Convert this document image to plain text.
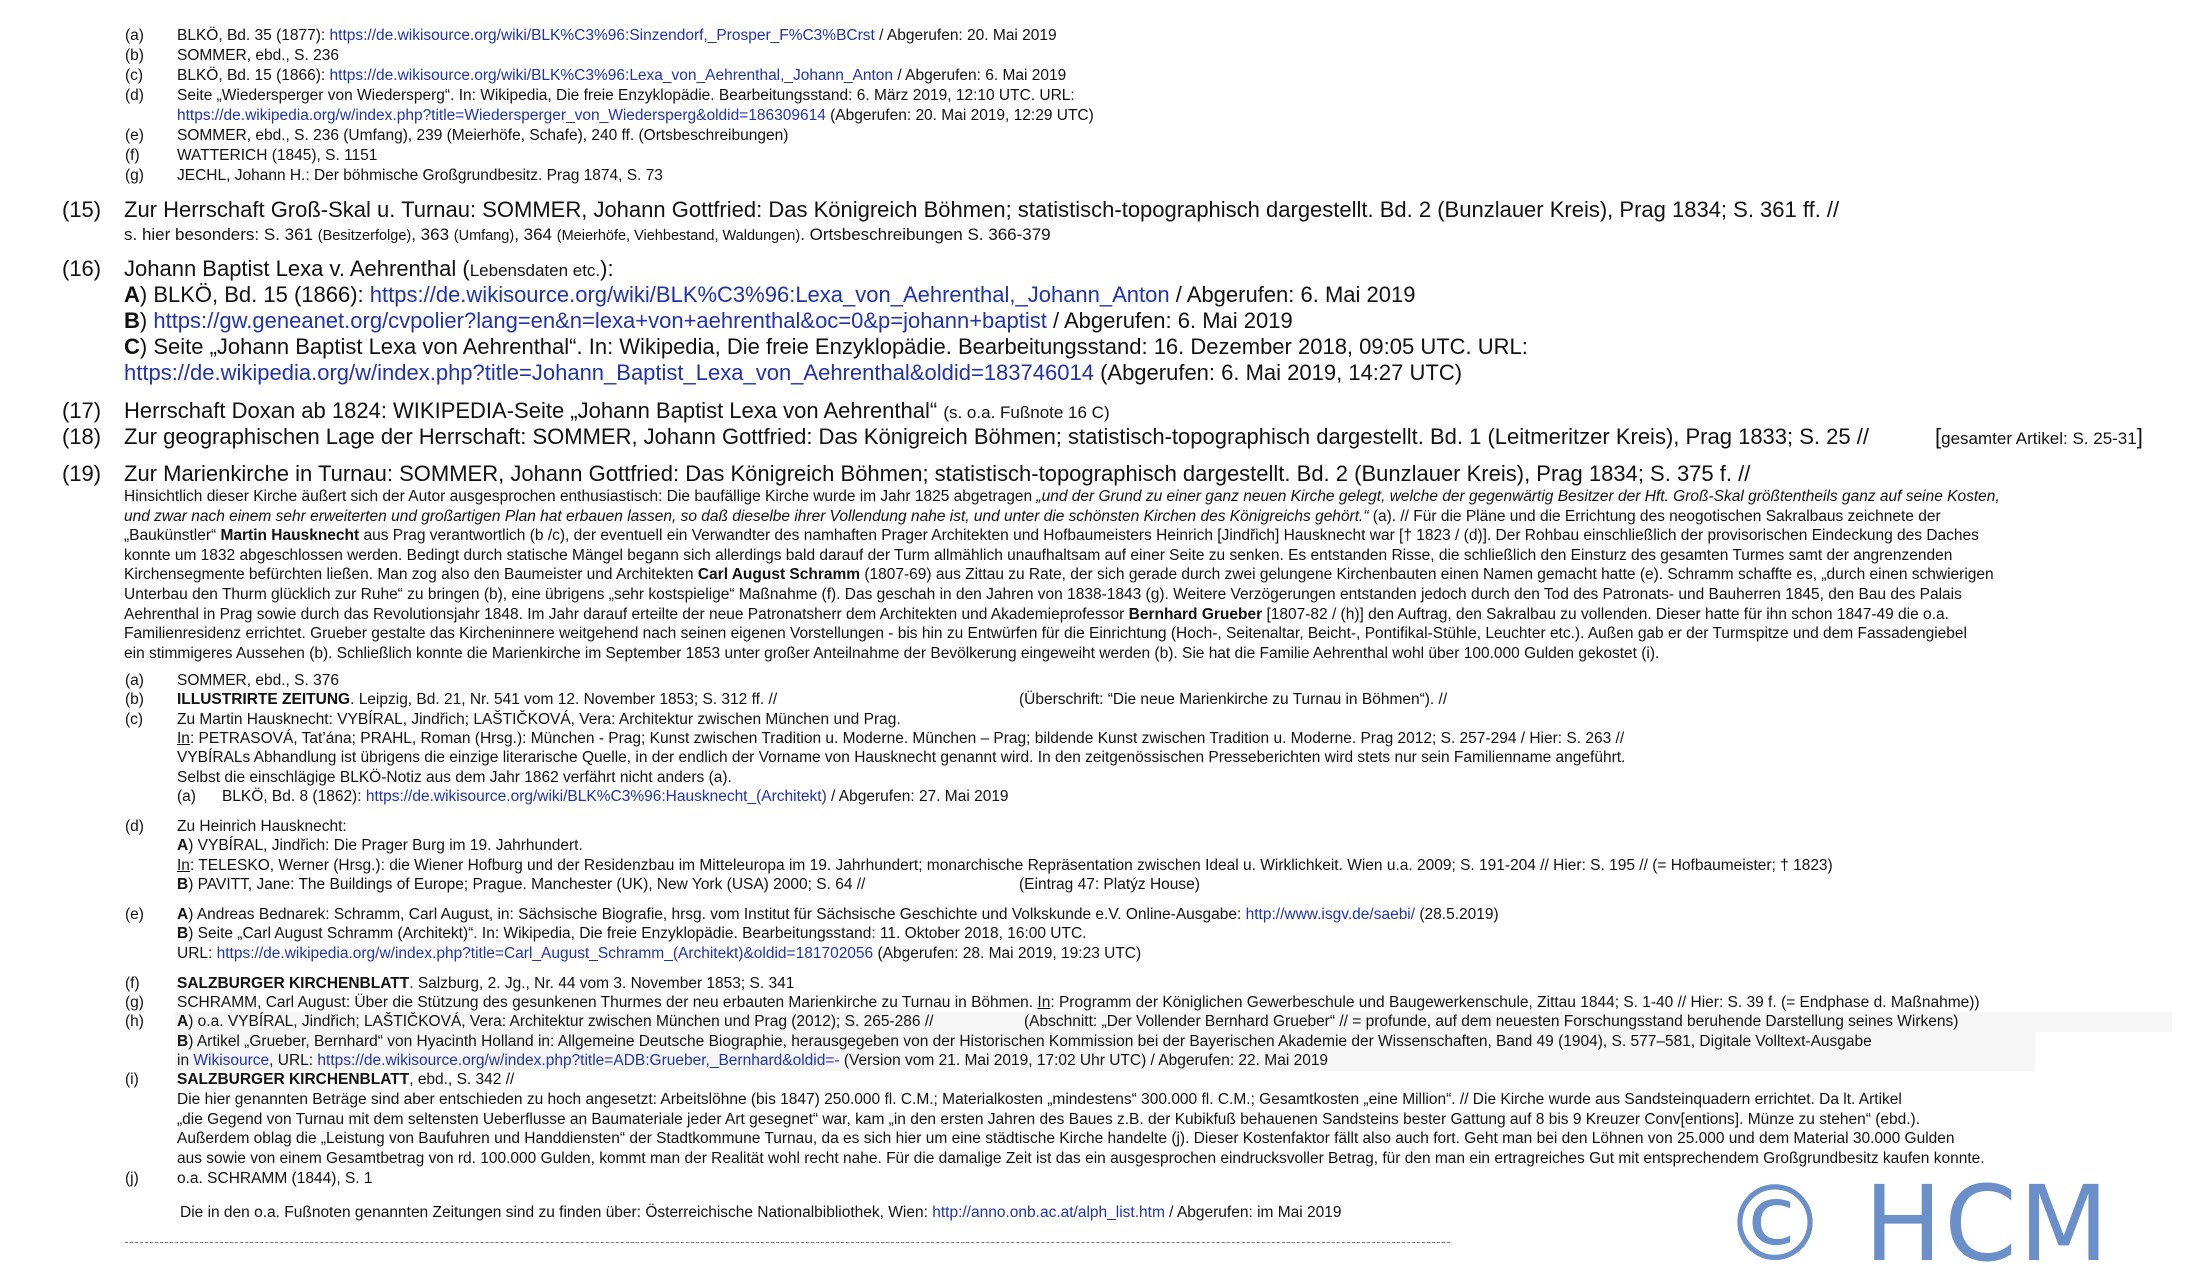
(a)	BLKÖ, Bd. 35 (1877): https://de.wikisource.org/wiki/BLK%C3%96:Sinzendorf,_Prosper_F%C3%BCrst / Abgerufen: 20. Mai 2019
(b)	SOMMER, ebd., S. 236
(c)	BLKÖ, Bd. 15 (1866): https://de.wikisource.org/wiki/BLK%C3%96:Lexa_von_Aehrenthal,_Johann_Anton / Abgerufen: 6. Mai 2019
(d)	Seite „Wiedersperger von Wiedersperg“. In: Wikipedia, Die freie Enzyklopädie. Bearbeitungsstand: 6. März 2019, 12:10 UTC. URL:
https://de.wikipedia.org/w/index.php?title=Wiedersperger_von_Wiedersperg&oldid=186309614 (Abgerufen: 20. Mai 2019, 12:29 UTC)
(e)	SOMMER, ebd., S. 236 (Umfang), 239 (Meierhöfe, Schafe), 240 ff. (Ortsbeschreibungen)
(f)	WATTERICH (1845), S. 1151
(g)	JECHL, Johann H.: Der böhmische Großgrundbesitz. Prag 1874, S. 73
(15)	Zur Herrschaft Groß-Skal u. Turnau: SOMMER, Johann Gottfried: Das Königreich Böhmen; statistisch-topographisch dargestellt. Bd. 2 (Bunzlauer Kreis), Prag 1834; S. 361 ff. //
s. hier besonders: S. 361 (Besitzerfolge), 363 (Umfang), 364 (Meierhöfe, Viehbestand, Waldungen). Ortsbeschreibungen S. 366-379
(16)	Johann Baptist Lexa v. Aehrenthal (Lebensdaten etc.):
A) BLKÖ, Bd. 15 (1866): https://de.wikisource.org/wiki/BLK%C3%96:Lexa_von_Aehrenthal,_Johann_Anton / Abgerufen: 6. Mai 2019
B) https://gw.geneanet.org/cvpolier?lang=en&n=lexa+von+aehrenthal&oc=0&p=johann+baptist / Abgerufen: 6. Mai 2019
C) Seite „Johann Baptist Lexa von Aehrenthal“. In: Wikipedia, Die freie Enzyklopädie. Bearbeitungsstand: 16. Dezember 2018, 09:05 UTC. URL:
https://de.wikipedia.org/w/index.php?title=Johann_Baptist_Lexa_von_Aehrenthal&oldid=183746014 (Abgerufen: 6. Mai 2019, 14:27 UTC)
(17)	Herrschaft Doxan ab 1824: WIKIPEDIA-Seite „Johann Baptist Lexa von Aehrenthal“ (s. o.a. Fußnote 16 C)
(18)	Zur geographischen Lage der Herrschaft: SOMMER, Johann Gottfried: Das Königreich Böhmen; statistisch-topographisch dargestellt. Bd. 1 (Leitmeritzer Kreis), Prag 1833; S. 25 //	[gesamter Artikel: S. 25-31]
(19)	Zur Marienkirche in Turnau: SOMMER, Johann Gottfried: Das Königreich Böhmen; statistisch-topographisch dargestellt. Bd. 2 (Bunzlauer Kreis), Prag 1834; S. 375 f. //
Hinsichtlich dieser Kirche äußert sich der Autor ausgesprochen enthusiastisch: Die baufällige Kirche wurde im Jahr 1825 abgetragen „und der Grund zu einer ganz neuen Kirche gelegt, welche der gegenwärtig Besitzer der Hft. Groß-Skal größtentheils ganz auf seine Kosten,
und zwar nach einem sehr erweiterten und großartigen Plan hat erbauen lassen, so daß dieselbe ihrer Vollendung nahe ist, und unter die schönsten Kirchen des Königreichs gehört.“ (a). // Für die Pläne und die Errichtung des neogotischen Sakralbaus zeichnete der
„Baukünstler“ Martin Hausknecht aus Prag verantwortlich (b /c), der eventuell ein Verwandter des namhaften Prager Architekten und Hofbaumeisters Heinrich [Jindřich] Hausknecht war [† 1823 / (d)]. Der Rohbau einschließlich der provisorischen Eindeckung des Daches
konnte um 1832 abgeschlossen werden. Bedingt durch statische Mängel begann sich allerdings bald darauf der Turm allmählich unaufhaltsam auf einer Seite zu senken. Es entstanden Risse, die schließlich den Einsturz des gesamten Turmes samt der angrenzenden
Kirchensegmente befürchten ließen. Man zog also den Baumeister und Architekten Carl August Schramm (1807-69) aus Zittau zu Rate, der sich gerade durch zwei gelungene Kirchenbauten einen Namen gemacht hatte (e). Schramm schaffte es, „durch einen schwierigen
Unterbau den Thurm glücklich zur Ruhe“ zu bringen (b), eine übrigens „sehr kostspielige“ Maßnahme (f). Das geschah in den Jahren von 1838-1843 (g). Weitere Verzögerungen entstanden jedoch durch den Tod des Patronats- und Bauherren 1845, den Bau des Palais
Aehrenthal in Prag sowie durch das Revolutionsjahr 1848. Im Jahr darauf erteilte der neue Patronatsherr dem Architekten und Akademieprofessor Bernhard Grueber [1807-82 / (h)] den Auftrag, den Sakralbau zu vollenden. Dieser hatte für ihn schon 1847-49 die o.a.
Familienresidenz errichtet. Grueber gestalte das Kircheninnere weitgehend nach seinen eigenen Vorstellungen - bis hin zu Entwürfen für die Einrichtung (Hoch-, Seitenaltar, Beicht-, Pontifikal-Stühle, Leuchter etc.). Außen gab er der Turmspitze und dem Fassadengiebel
ein stimmigeres Aussehen (b). Schließlich konnte die Marienkirche im September 1853 unter großer Anteilnahme der Bevölkerung eingeweiht werden (b). Sie hat die Familie Aehrenthal wohl über 100.000 Gulden gekostet (i).
(a)	SOMMER, ebd., S. 376
(b)	ILLUSTRIRTE ZEITUNG. Leipzig, Bd. 21, Nr. 541 vom 12. November 1853; S. 312 ff. //	(Überschrift: “Die neue Marienkirche zu Turnau in Böhmen“). //
(c)	Zu Martin Hausknecht: VYBÍRAL, Jindřich; LAŠTIČKOVÁ, Vera: Architektur zwischen München und Prag.
In: PETRASOVÁ, Tat’ána; PRAHL, Roman (Hrsg.): München - Prag; Kunst zwischen Tradition u. Moderne. München – Prag; bildende Kunst zwischen Tradition u. Moderne. Prag 2012; S. 257-294 / Hier: S. 263 //
VYBÍRALs Abhandlung ist übrigens die einzige literarische Quelle, in der endlich der Vorname von Hausknecht genannt wird. In den zeitgenössischen Presseberichten wird stets nur sein Familienname angeführt.
Selbst die einschlägige BLKÖ-Notiz aus dem Jahr 1862 verfährt nicht anders (a).
(a) BLKÖ, Bd. 8 (1862): https://de.wikisource.org/wiki/BLK%C3%96:Hausknecht_(Architekt) / Abgerufen: 27. Mai 2019
(d)	Zu Heinrich Hausknecht:
A) VYBÍRAL, Jindřich: Die Prager Burg im 19. Jahrhundert.
In: TELESKO, Werner (Hrsg.): die Wiener Hofburg und der Residenzbau im Mitteleuropa im 19. Jahrhundert; monarchische Repräsentation zwischen Ideal u. Wirklichkeit. Wien u.a. 2009; S. 191-204 // Hier: S. 195 // (= Hofbaumeister; † 1823)
B) PAVITT, Jane: The Buildings of Europe; Prague. Manchester (UK), New York (USA) 2000; S. 64 //	(Eintrag 47: Platýz House)
(e)	A) Andreas Bednarek: Schramm, Carl August, in: Sächsische Biografie, hrsg. vom Institut für Sächsische Geschichte und Volkskunde e.V. Online-Ausgabe: http://www.isgv.de/saebi/ (28.5.2019)
B) Seite „Carl August Schramm (Architekt)“. In: Wikipedia, Die freie Enzyklopädie. Bearbeitungsstand: 11. Oktober 2018, 16:00 UTC.
URL: https://de.wikipedia.org/w/index.php?title=Carl_August_Schramm_(Architekt)&oldid=181702056 (Abgerufen: 28. Mai 2019, 19:23 UTC)
(f)	SALZBURGER KIRCHENBLATT. Salzburg, 2. Jg., Nr. 44 vom 3. November 1853; S. 341
(g)	SCHRAMM, Carl August: Über die Stützung des gesunkenen Thurmes der neu erbauten Marienkirche zu Turnau in Böhmen. In: Programm der Königlichen Gewerbeschule und Baugewerkenschule, Zittau 1844; S. 1-40 // Hier: S. 39 f. (= Endphase d. Maßnahme))
(h)	A) o.a. VYBÍRAL, Jindřich; LAŠTIČKOVÁ, Vera: Architektur zwischen München und Prag (2012); S. 265-286 //	(Abschnitt: „Der Vollender Bernhard Grueber“ // = profunde, auf dem neuesten Forschungsstand beruhende Darstellung seines Wirkens)
B) Artikel „Grueber, Bernhard“ von Hyacinth Holland in: Allgemeine Deutsche Biographie, herausgegeben von der Historischen Kommission bei der Bayerischen Akademie der Wissenschaften, Band 49 (1904), S. 577–581, Digitale Volltext-Ausgabe
in Wikisource, URL: https://de.wikisource.org/w/index.php?title=ADB:Grueber,_Bernhard&oldid=- (Version vom 21. Mai 2019, 17:02 Uhr UTC) / Abgerufen: 22. Mai 2019
(i)	SALZBURGER KIRCHENBLATT, ebd., S. 342 //
Die hier genannten Beträge sind aber entschieden zu hoch angesetzt: Arbeitslöhne (bis 1847) 250.000 fl. C.M.; Materialkosten „mindestens“ 300.000 fl. C.M.; Gesamtkosten „eine Million“. // Die Kirche wurde aus Sandsteinquadern errichtet. Da lt. Artikel
„die Gegend von Turnau mit dem seltensten Ueberflusse an Baumateriale jeder Art gesegnet“ war, kam „in den ersten Jahren des Baues z.B. der Kubikfuß behauenen Sandsteins bester Gattung auf 8 bis 9 Kreuzer Conv[entions]. Münze zu stehen“ (ebd.).
Außerdem oblag die „Leistung von Baufuhren und Handdiensten“ der Stadtkommune Turnau, da es sich hier um eine städtische Kirche handelte (j). Dieser Kostenfaktor fällt also auch fort. Geht man bei den Löhnen von 25.000 und dem Material 30.000 Gulden
aus sowie von einem Gesamtbetrag von rd. 100.000 Gulden, kommt man der Realität wohl recht nahe. Für die damalige Zeit ist das ein ausgesprochen eindrucksvoller Betrag, für den man ein ertragreiches Gut mit entsprechendem Großgrundbesitz kaufen konnte.
(j)	o.a. SCHRAMM (1844), S. 1
Die in den o.a. Fußnoten genannten Zeitungen sind zu finden über: Österreichische Nationalbibliothek, Wien: http://anno.onb.ac.at/alph_list.htm / Abgerufen: im Mai 2019	© HCM
